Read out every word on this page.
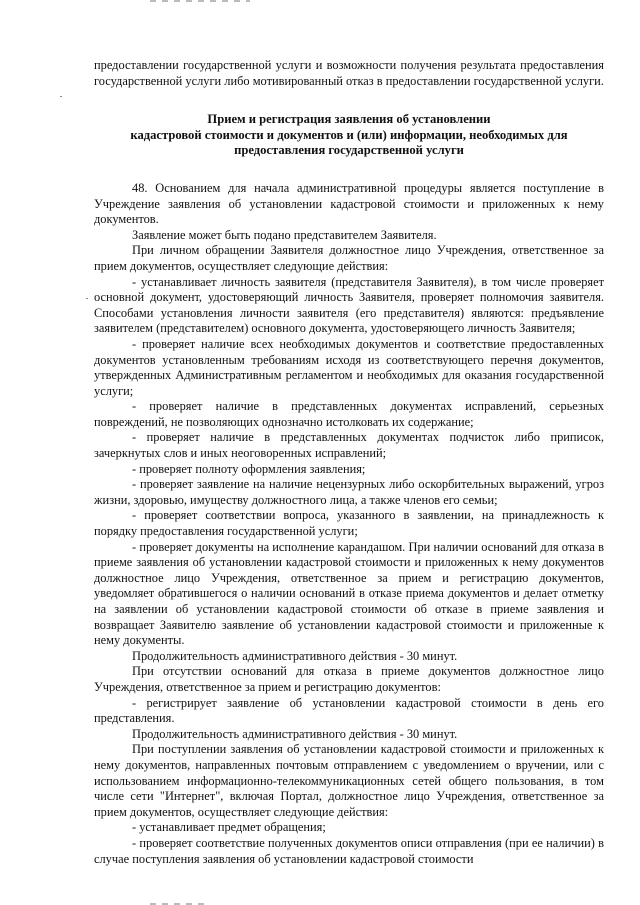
предоставлении государственной услуги и возможности получения результата предоставления государственной услуги либо мотивированный отказ в предоставлении государственной услуги.

Прием и регистрация заявления об установлении
кадастровой стоимости и документов и (или) информации, необходимых для
предоставления государственной услуги

48. Основанием для начала административной процедуры является поступление в Учреждение заявления об установлении кадастровой стоимости и приложенных к нему документов.

Заявление может быть подано представителем Заявителя.

При личном обращении Заявителя должностное лицо Учреждения, ответственное за прием документов, осуществляет следующие действия:

- устанавливает личность заявителя (представителя Заявителя), в том числе проверяет основной документ, удостоверяющий личность Заявителя, проверяет полномочия заявителя. Способами установления личности заявителя (его представителя) являются: предъявление заявителем (представителем) основного документа, удостоверяющего личность Заявителя;

- проверяет наличие всех необходимых документов и соответствие предоставленных документов установленным требованиям исходя из соответствующего перечня документов, утвержденных Административным регламентом и необходимых для оказания государственной услуги;

- проверяет наличие в представленных документах исправлений, серьезных повреждений, не позволяющих однозначно истолковать их содержание;

- проверяет наличие в представленных документах подчисток либо приписок, зачеркнутых слов и иных неоговоренных исправлений;

- проверяет полноту оформления заявления;

- проверяет заявление на наличие нецензурных либо оскорбительных выражений, угроз жизни, здоровью, имуществу должностного лица, а также членов его семьи;

- проверяет соответствии вопроса, указанного в заявлении, на принадлежность к порядку предоставления государственной услуги;

- проверяет документы на исполнение карандашом. При наличии оснований для отказа в приеме заявления об установлении кадастровой стоимости и приложенных к нему документов должностное лицо Учреждения, ответственное за прием и регистрацию документов, уведомляет обратившегося о наличии оснований в отказе приема документов и делает отметку на заявлении об установлении кадастровой стоимости об отказе в приеме заявления и возвращает Заявителю заявление об установлении кадастровой стоимости и приложенные к нему документы.

Продолжительность административного действия - 30 минут.

При отсутствии оснований для отказа в приеме документов должностное лицо Учреждения, ответственное за прием и регистрацию документов:

- регистрирует заявление об установлении кадастровой стоимости в день его представления.

Продолжительность административного действия - 30 минут.

При поступлении заявления об установлении кадастровой стоимости и приложенных к нему документов, направленных почтовым отправлением с уведомлением о вручении, или с использованием информационно-телекоммуникационных сетей общего пользования, в том числе сети "Интернет", включая Портал, должностное лицо Учреждения, ответственное за прием документов, осуществляет следующие действия:

- устанавливает предмет обращения;

- проверяет соответствие полученных документов описи отправления (при ее наличии) в случае поступления заявления об установлении кадастровой стоимости
